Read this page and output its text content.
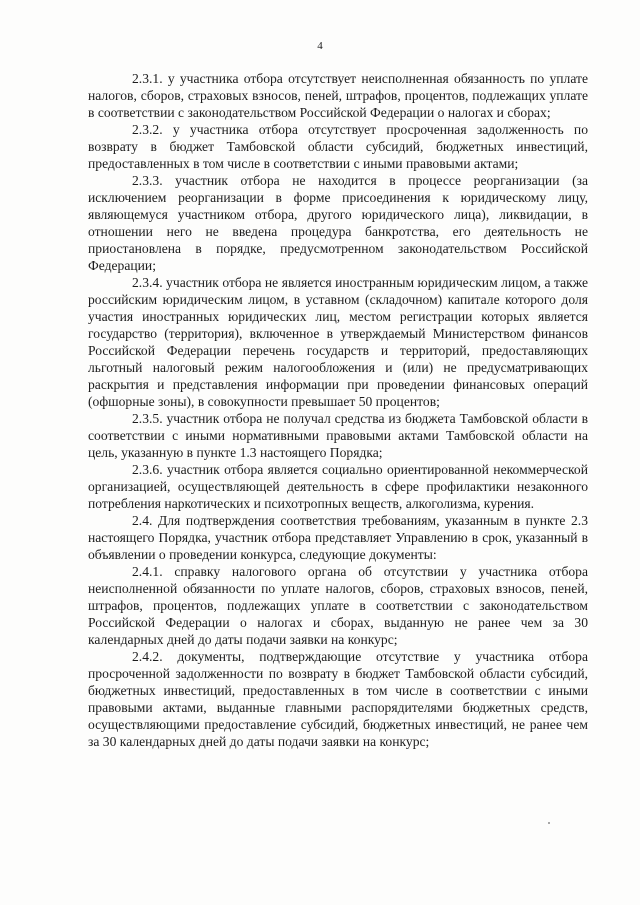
4

2.3.1. у участника отбора отсутствует неисполненная обязанность по уплате налогов, сборов, страховых взносов, пеней, штрафов, процентов, подлежащих уплате в соответствии с законодательством Российской Федерации о налогах и сборах;

2.3.2. у участника отбора отсутствует просроченная задолженность по возврату в бюджет Тамбовской области субсидий, бюджетных инвестиций, предоставленных в том числе в соответствии с иными правовыми актами;

2.3.3. участник отбора не находится в процессе реорганизации (за исключением реорганизации в форме присоединения к юридическому лицу, являющемуся участником отбора, другого юридического лица), ликвидации, в отношении него не введена процедура банкротства, его деятельность не приостановлена в порядке, предусмотренном законодательством Российской Федерации;

2.3.4. участник отбора не является иностранным юридическим лицом, а также российским юридическим лицом, в уставном (складочном) капитале которого доля участия иностранных юридических лиц, местом регистрации которых является государство (территория), включенное в утверждаемый Министерством финансов Российской Федерации перечень государств и территорий, предоставляющих льготный налоговый режим налогообложения и (или) не предусматривающих раскрытия и представления информации при проведении финансовых операций (офшорные зоны), в совокупности превышает 50 процентов;

2.3.5. участник отбора не получал средства из бюджета Тамбовской области в соответствии с иными нормативными правовыми актами Тамбовской области на цель, указанную в пункте 1.3 настоящего Порядка;

2.3.6. участник отбора является социально ориентированной некоммерческой организацией, осуществляющей деятельность в сфере профилактики незаконного потребления наркотических и психотропных веществ, алкоголизма, курения.

2.4. Для подтверждения соответствия требованиям, указанным в пункте 2.3 настоящего Порядка, участник отбора представляет Управлению в срок, указанный в объявлении о проведении конкурса, следующие документы:

2.4.1. справку налогового органа об отсутствии у участника отбора неисполненной обязанности по уплате налогов, сборов, страховых взносов, пеней, штрафов, процентов, подлежащих уплате в соответствии с законодательством Российской Федерации о налогах и сборах, выданную не ранее чем за 30 календарных дней до даты подачи заявки на конкурс;

2.4.2. документы, подтверждающие отсутствие у участника отбора просроченной задолженности по возврату в бюджет Тамбовской области субсидий, бюджетных инвестиций, предоставленных в том числе в соответствии с иными правовыми актами, выданные главными распорядителями бюджетных средств, осуществляющими предоставление субсидий, бюджетных инвестиций, не ранее чем за 30 календарных дней до даты подачи заявки на конкурс;
